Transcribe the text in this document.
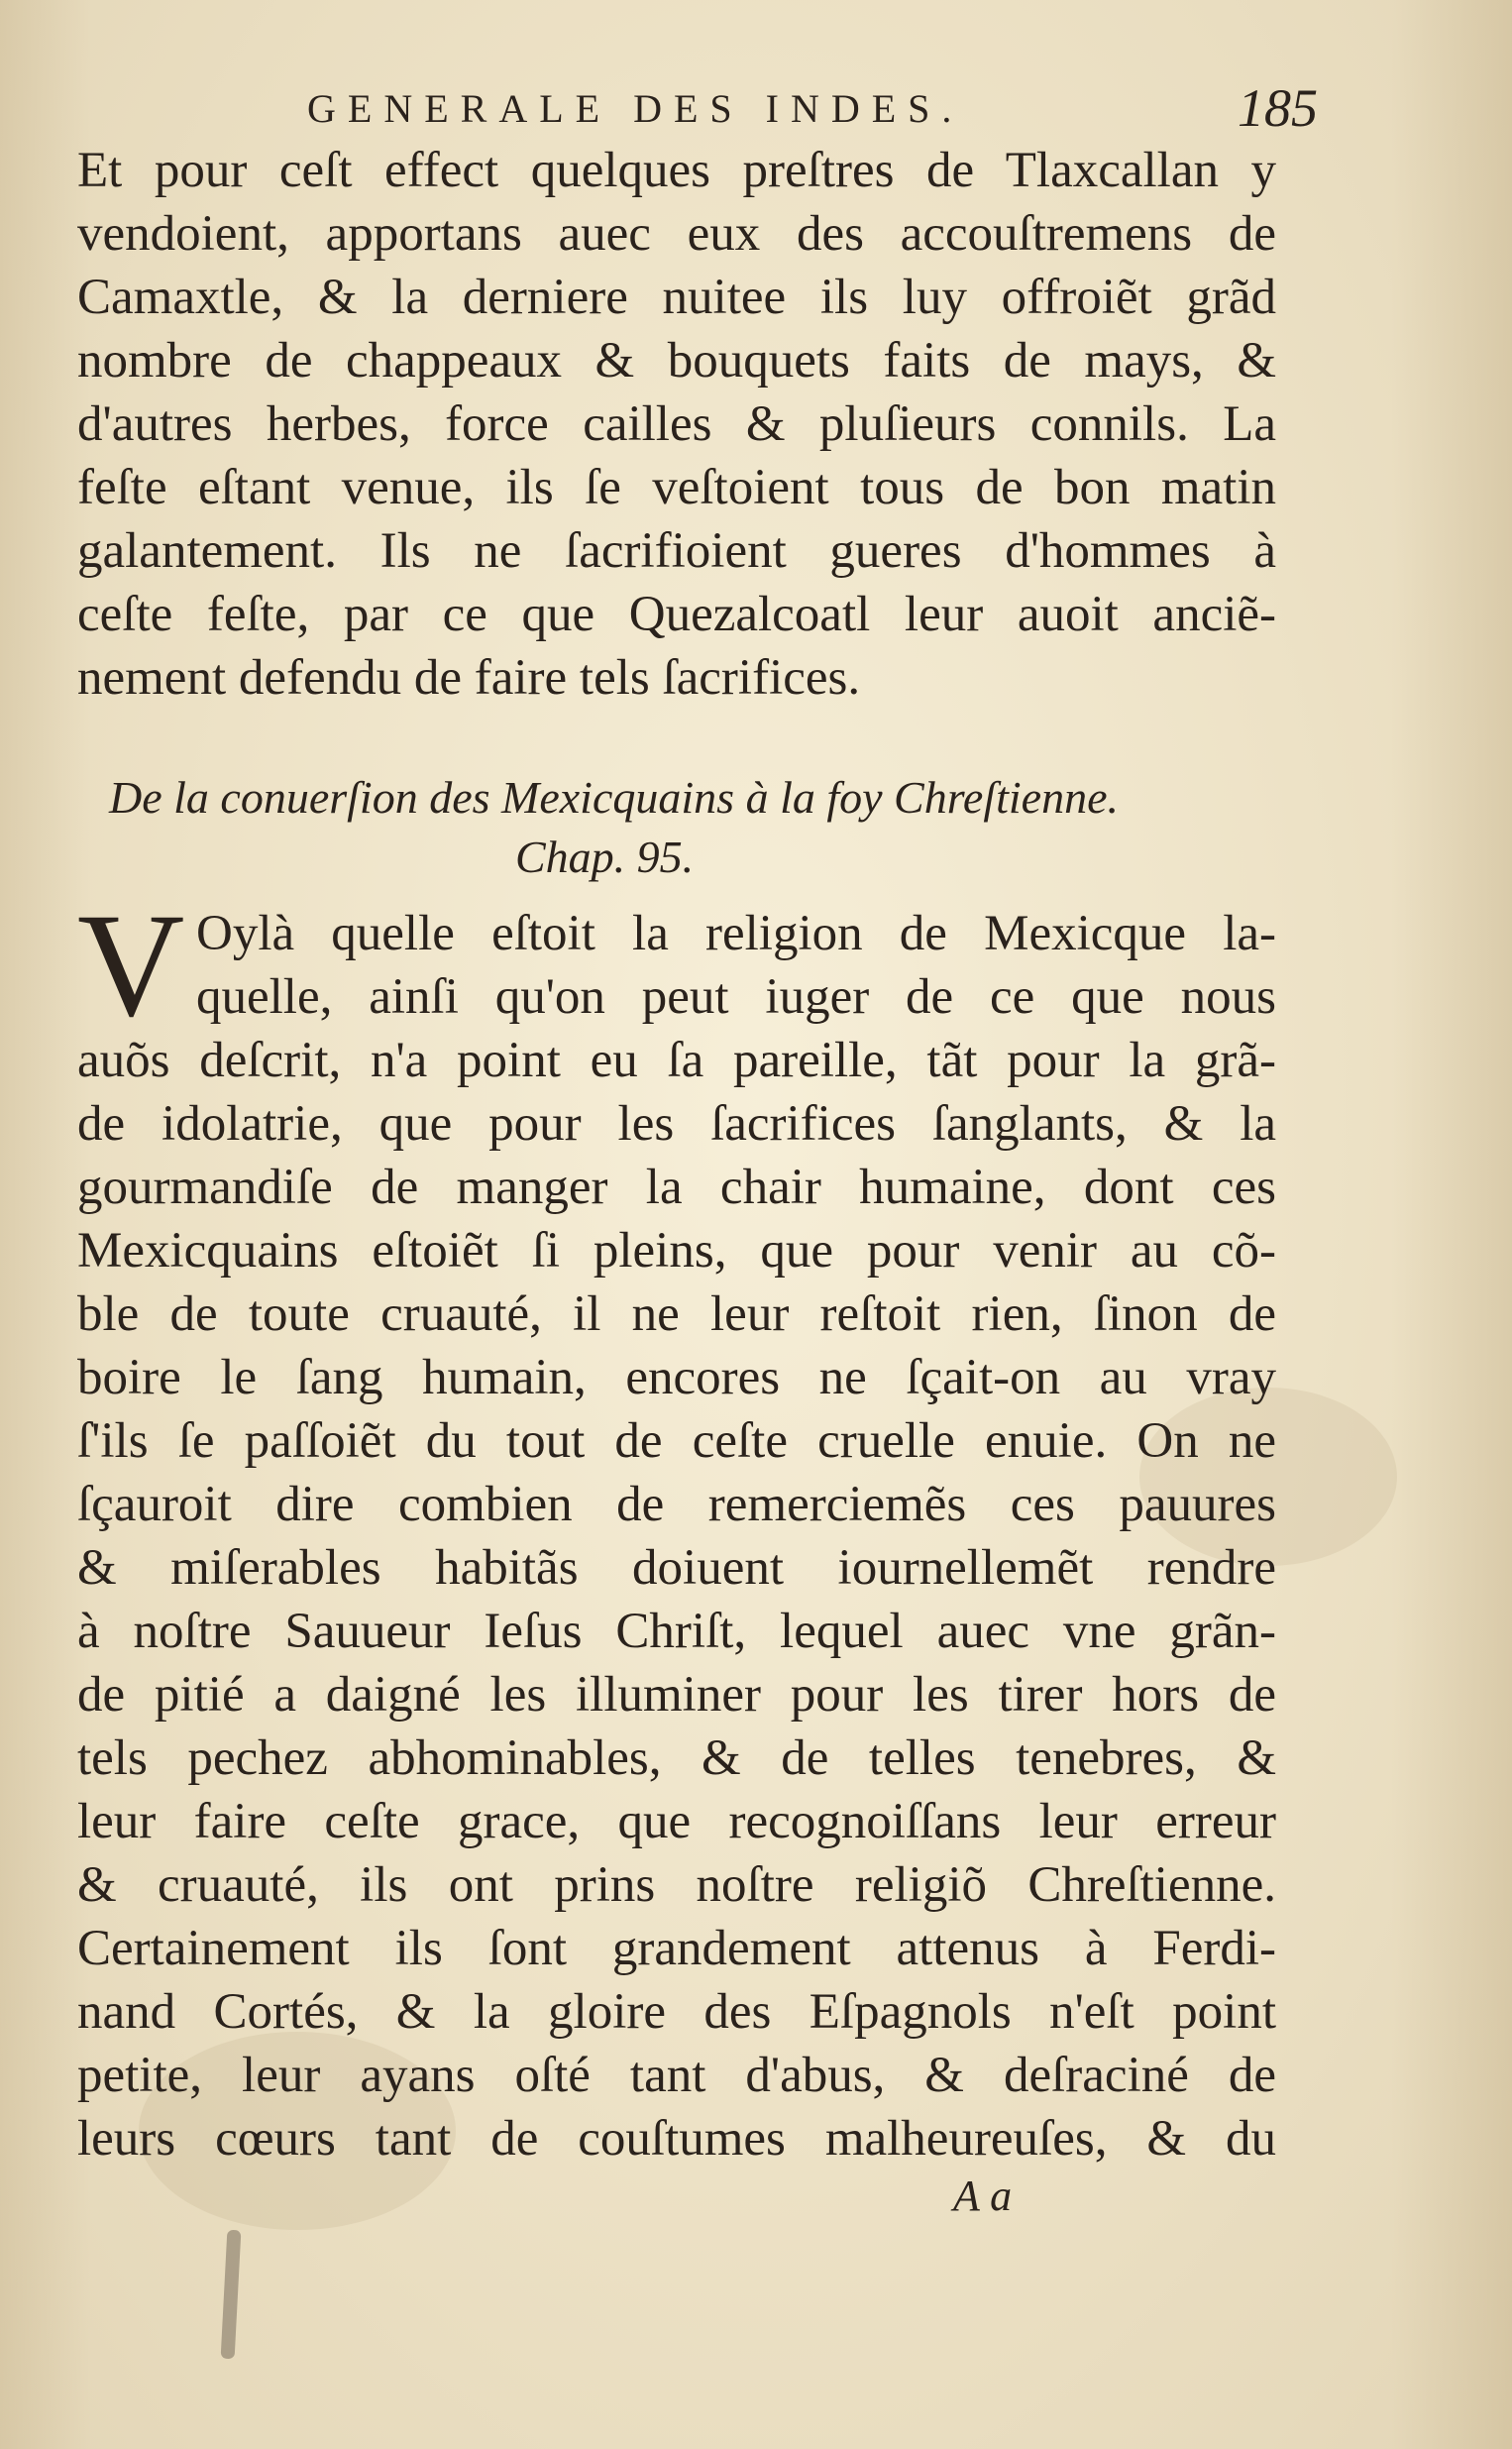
GENERALE DES INDES.	185
Et pour ceſt effect quelques preſtres de Tlaxcallan y
vendoient, apportans auec eux des accouſtremens de
Camaxtle, & la derniere nuitee ils luy offroiẽt grãd
nombre de chappeaux & bouquets faits de mays, &
d'autres herbes, force cailles & pluſieurs connils. La
feſte eſtant venue, ils ſe veſtoient tous de bon matin
galantement. Ils ne ſacrifioient gueres d'hommes à
ceſte feſte, par ce que Quezalcoatl leur auoit anciẽ-
nement defendu de faire tels ſacrifices.
De la conuerſion des Mexicquains à la foy Chreſtienne.
Chap. 95.
V Oylà quelle eſtoit la religion de Mexicque la-
quelle, ainſi qu'on peut iuger de ce que nous
auõs deſcrit, n'a point eu ſa pareille, tãt pour la grã-
de idolatrie, que pour les ſacrifices ſanglants, & la
gourmandiſe de manger la chair humaine, dont ces
Mexicquains eſtoiẽt ſi pleins, que pour venir au cõ-
ble de toute cruauté, il ne leur reſtoit rien, ſinon de
boire le ſang humain, encores ne ſçait-on au vray
ſ'ils ſe paſſoiẽt du tout de ceſte cruelle enuie. On ne
ſçauroit dire combien de remerciemẽs ces pauures
& miſerables habitãs doiuent iournellemẽt rendre
à noſtre Sauueur Ieſus Chriſt, lequel auec vne grãn-
de pitié a daigné les illuminer pour les tirer hors de
tels pechez abhominables, & de telles tenebres, &
leur faire ceſte grace, que recognoiſſans leur erreur
& cruauté, ils ont prins noſtre religiõ Chreſtienne.
Certainement ils ſont grandement attenus à Ferdi-
nand Cortés, & la gloire des Eſpagnols n'eſt point
petite, leur ayans oſté tant d'abus, & deſraciné de
leurs cœurs tant de couſtumes malheureuſes, & du
A a
